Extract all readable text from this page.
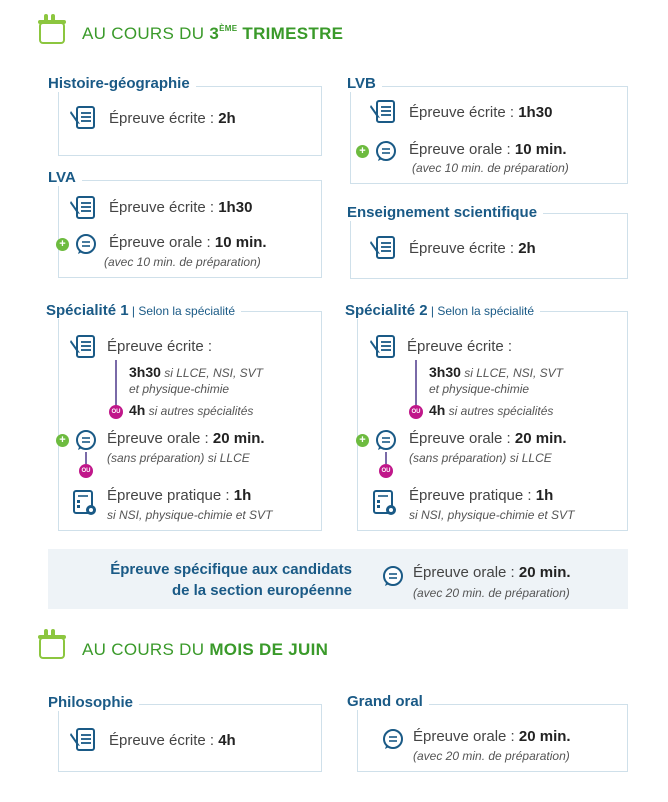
AU COURS DU 3ÈME TRIMESTRE
Histoire-géographie
Épreuve écrite : 2h
LVB
Épreuve écrite : 1h30
+	Épreuve orale : 10 min.
(avec 10 min. de préparation)
LVA
Épreuve écrite : 1h30
+	Épreuve orale : 10 min.
(avec 10 min. de préparation)
Enseignement scientifique
Épreuve écrite : 2h
Spécialité 1 | Selon la spécialité
Épreuve écrite :
3h30 si LLCE, NSI, SVT
et physique-chimie
OU 4h si autres spécialités
+	Épreuve orale : 20 min.
(sans préparation) si LLCE
OU
Épreuve pratique : 1h
si NSI, physique-chimie et SVT
Spécialité 2 | Selon la spécialité
Épreuve écrite :
3h30 si LLCE, NSI, SVT
et physique-chimie
OU 4h si autres spécialités
+	Épreuve orale : 20 min.
(sans préparation) si LLCE
OU
Épreuve pratique : 1h
si NSI, physique-chimie et SVT
Épreuve spécifique aux candidats
de la section européenne
Épreuve orale : 20 min.
(avec 20 min. de préparation)
AU COURS DU MOIS DE JUIN
Philosophie
Épreuve écrite : 4h
Grand oral
Épreuve orale : 20 min.
(avec 20 min. de préparation)
